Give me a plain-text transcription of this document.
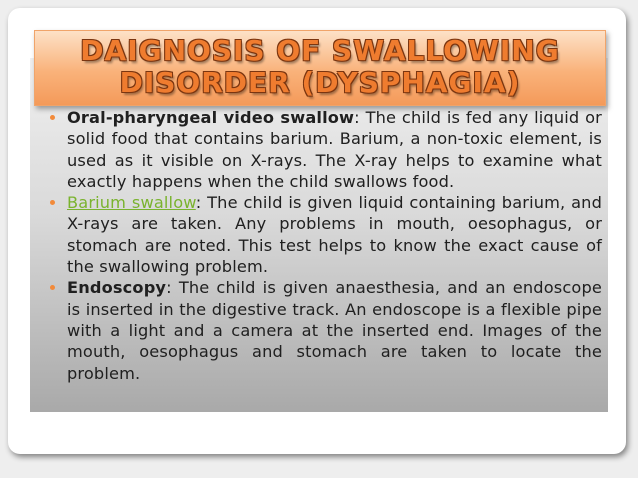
DAIGNOSIS OF SWALLOWING
DISORDER (DYSPHAGIA)
Oral-pharyngeal video swallow: The child is fed any liquid or solid food that contains barium. Barium, a non-toxic element, is used as it visible on X-rays. The X-ray helps to examine what exactly happens when the child swallows food.
Barium swallow: The child is given liquid containing barium, and X-rays are taken. Any problems in mouth, oesophagus, or stomach are noted. This test helps to know the exact cause of the swallowing problem.
Endoscopy: The child is given anaesthesia, and an endoscope is inserted in the digestive track. An endoscope is a flexible pipe with a light and a camera at the inserted end. Images of the mouth, oesophagus and stomach are taken to locate the problem.
